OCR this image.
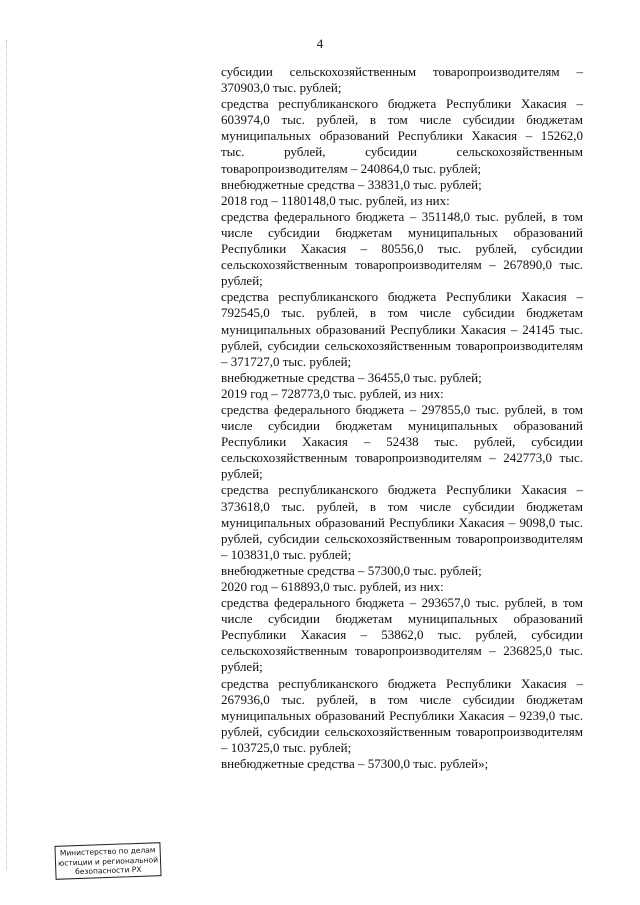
4

субсидии сельскохозяйственным товаропроизводителям – 370903,0 тыс. рублей;

средства республиканского бюджета Республики Хакасия – 603974,0 тыс. рублей, в том числе субсидии бюджетам муниципальных образований Республики Хакасия – 15262,0 тыс. рублей, субсидии сельскохозяйственным товаропроизводителям – 240864,0 тыс. рублей;

внебюджетные средства – 33831,0 тыс. рублей;

2018 год – 1180148,0 тыс. рублей, из них:

средства федерального бюджета – 351148,0 тыс. рублей, в том числе субсидии бюджетам муниципальных образований Республики Хакасия – 80556,0 тыс. рублей, субсидии сельскохозяйственным товаропроизводителям – 267890,0 тыс. рублей;

средства республиканского бюджета Республики Хакасия – 792545,0 тыс. рублей, в том числе субсидии бюджетам муниципальных образований Республики Хакасия – 24145 тыс. рублей, субсидии сельскохозяйственным товаропроизводителям – 371727,0 тыс. рублей;

внебюджетные средства – 36455,0 тыс. рублей;

2019 год – 728773,0 тыс. рублей, из них:

средства федерального бюджета – 297855,0 тыс. рублей, в том числе субсидии бюджетам муниципальных образований Республики Хакасия – 52438 тыс. рублей, субсидии сельскохозяйственным товаропроизводителям – 242773,0 тыс. рублей;

средства республиканского бюджета Республики Хакасия – 373618,0 тыс. рублей, в том числе субсидии бюджетам муниципальных образований Республики Хакасия – 9098,0 тыс. рублей, субсидии сельскохозяйственным товаропроизводителям – 103831,0 тыс. рублей;

внебюджетные средства – 57300,0 тыс. рублей;

2020 год – 618893,0 тыс. рублей, из них:

средства федерального бюджета – 293657,0 тыс. рублей, в том числе субсидии бюджетам муниципальных образований Республики Хакасия – 53862,0 тыс. рублей, субсидии сельскохозяйственным товаропроизводителям – 236825,0 тыс. рублей;

средства республиканского бюджета Республики Хакасия – 267936,0 тыс. рублей, в том числе субсидии бюджетам муниципальных образований Республики Хакасия – 9239,0 тыс. рублей, субсидии сельскохозяйственным товаропроизводителям – 103725,0 тыс. рублей;

внебюджетные средства – 57300,0 тыс. рублей»;

Министерство по делам
юстиции и региональной
безопасности РХ
